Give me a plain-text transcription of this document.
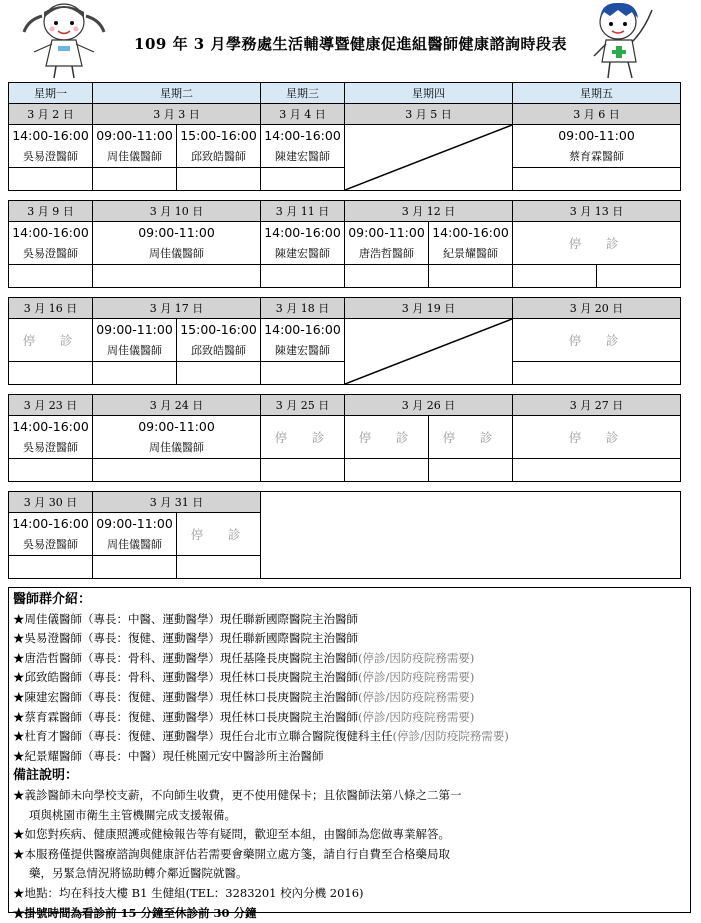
109 年 3 月學務處生活輔導暨健康促進組醫師健康諮詢時段表
星期一	星期二		星期三	星期四		星期五	
3 月 2 日	3 月 3 日		3 月 4 日	3 月 5 日		3 月 6 日	
14:00-16:00	09:00-11:00	15:00-16:00	14:00-16:00			09:00-11:00	
吳易澄醫師	周佳儀醫師	邱致皓醫師	陳建宏醫師			蔡育霖醫師	

3 月 9 日	3 月 10 日		3 月 11 日	3 月 12 日		3 月 13 日	
14:00-16:00	09:00-11:00		14:00-16:00	09:00-11:00	14:00-16:00	停　診	
吳易澄醫師	周佳儀醫師		陳建宏醫師	唐浩哲醫師	紀景耀醫師		

3 月 16 日	3 月 17 日		3 月 18 日	3 月 19 日		3 月 20 日	
停　診	09:00-11:00	15:00-16:00	14:00-16:00			停　診	
	周佳儀醫師	邱致皓醫師	陳建宏醫師				

3 月 23 日	3 月 24 日		3 月 25 日	3 月 26 日		3 月 27 日	
14:00-16:00	09:00-11:00		停　診	停　診	停　診	停　診	
吳易澄醫師	周佳儀醫師						

3 月 30 日	3 月 31 日						
14:00-16:00	09:00-11:00	停　診					
吳易澄醫師	周佳儀醫師						

醫師群介紹：
★周佳儀醫師（專長：中醫、運動醫學）現任聯新國際醫院主治醫師
★吳易澄醫師（專長：復健、運動醫學）現任聯新國際醫院主治醫師
★唐浩哲醫師（專長：骨科、運動醫學）現任基隆長庚醫院主治醫師(停診/因防疫院務需要)
★邱致皓醫師（專長：骨科、運動醫學）現任林口長庚醫院主治醫師(停診/因防疫院務需要)
★陳建宏醫師（專長：復健、運動醫學）現任林口長庚醫院主治醫師(停診/因防疫院務需要)
★蔡育霖醫師（專長：復健、運動醫學）現任林口長庚醫院主治醫師(停診/因防疫院務需要)
★杜育才醫師（專長：復健、運動醫學）現任台北市立聯合醫院復健科主任(停診/因防疫院務需要)
★紀景耀醫師（專長：中醫）現任桃園元安中醫診所主治醫師
備註說明：
★義診醫師未向學校支薪，不向師生收費，更不使用健保卡；且依醫師法第八條之二第一
項與桃園市衛生主管機關完成支援報備。
★如您對疾病、健康照護或健檢報告等有疑問，歡迎至本組，由醫師為您做專業解答。
★本服務僅提供醫療諮詢與健康評估若需要會藥開立處方箋，請自行自費至合格藥局取
藥，另緊急情況將協助轉介鄰近醫院就醫。
★地點：均在科技大樓 B1 生健組(TEL：3283201 校內分機 2016)
★掛號時間為看診前 15 分鐘至休診前 30 分鐘
